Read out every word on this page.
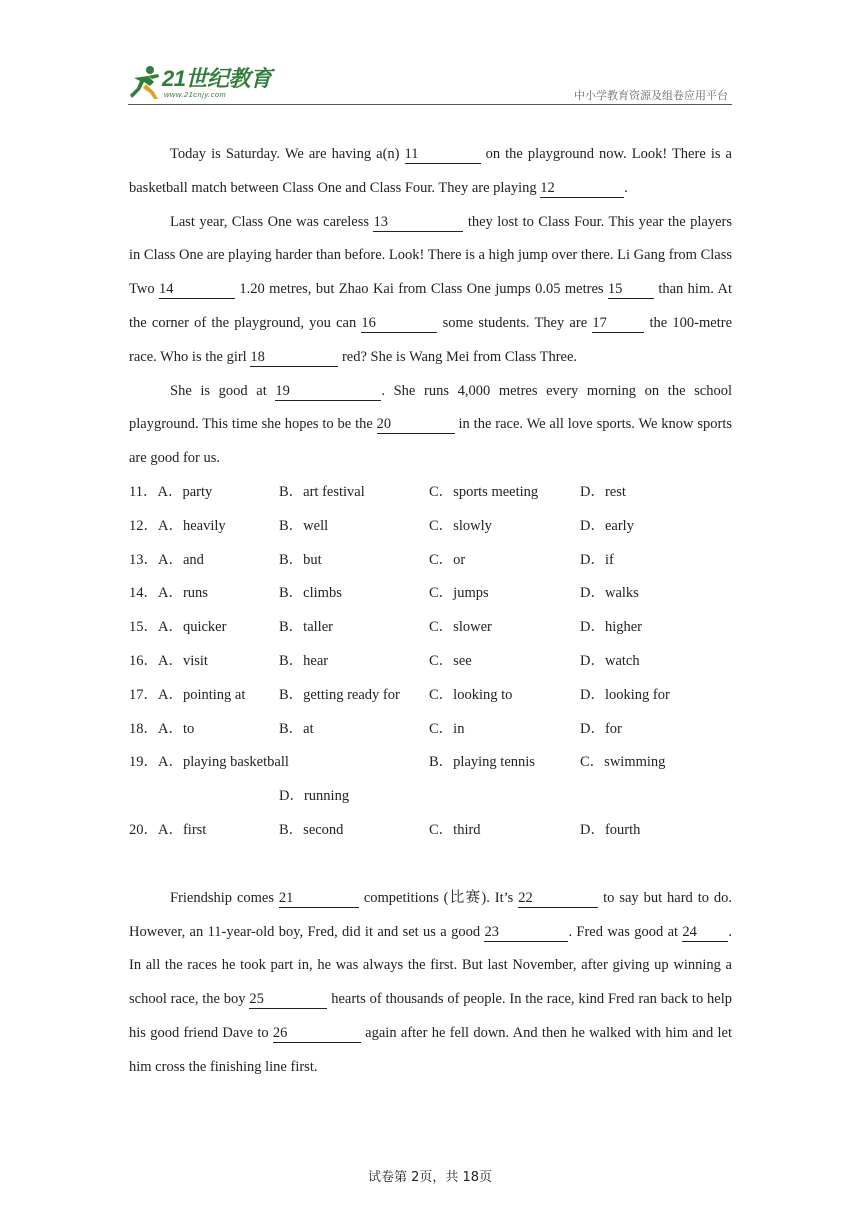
21世纪教育
www.21cnjy.com	中小学教育资源及组卷应用平台

Today is Saturday. We are having a(n) 11	on the playground now. Look! There is a basketball match between Class One and Class Four. They are playing 12	.

Last year, Class One was careless 13	they lost to Class Four. This year the players in Class One are playing harder than before. Look! There is a high jump over there. Li Gang from Class Two 14	1.20 metres, but Zhao Kai from Class One jumps 0.05 metres 15 than him. At the corner of the playground, you can 16	some students. They are 17	the 100-metre race. Who is the girl 18	red? She is Wang Mei from Class Three.

She is good at 19	. She runs 4,000 metres every morning on the school playground. This time she hopes to be the 20	in the race. We all love sports. We know sports are good for us.

11．A．party	B．art festival	C．sports meeting	D．rest
12．A．heavily	B．well	C．slowly	D．early
13．A．and	B．but	C．or	D．if
14．A．runs	B．climbs	C．jumps	D．walks
15．A．quicker	B．taller	C．slower	D．higher
16．A．visit	B．hear	C．see	D．watch
17．A．pointing at B．getting ready for C．looking to	D．looking for
18．A．to	B．at	C．in	D．for
19．A．playing basketball	B．playing tennis	C．swimming
D．running
20．A．first	B．second	C．third	D．fourth

Friendship comes 21	competitions (比赛). It’s 22	to say but hard to do. However, an 11-year-old boy, Fred, did it and set us a good 23	. Fred was good at 24 . In all the races he took part in, he was always the first. But last November, after giving up winning a school race, the boy 25	hearts of thousands of people. In the race, kind Fred ran back to help his good friend Dave to 26	again after he fell down. And then he walked with him and let him cross the finishing line first.

试卷第 2页，共 18页
